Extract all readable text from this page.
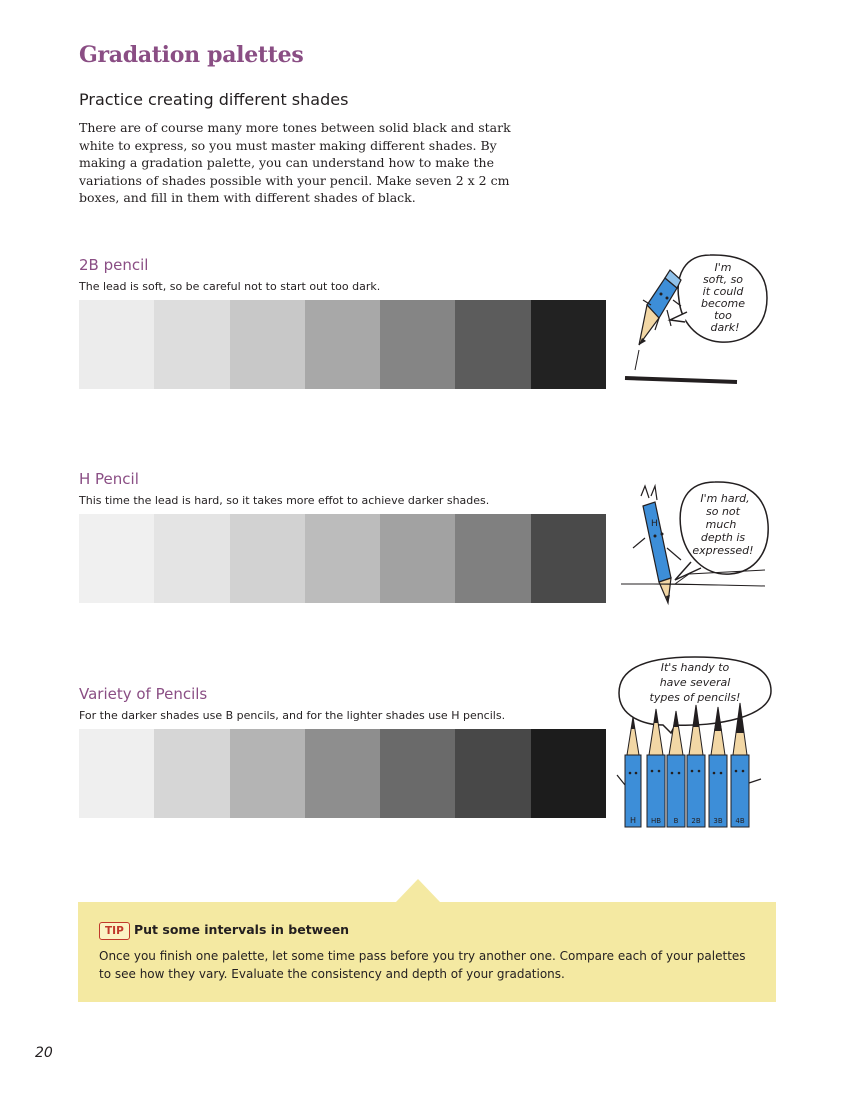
Gradation palettes
Practice creating different shades
There are of course many more tones between solid black and stark white to express, so you must master making different shades. By making a gradation palette, you can understand how to make the variations of shades possible with your pencil. Make seven 2 x 2 cm boxes, and fill in them with different shades of black.
2B pencil
The lead is soft, so be careful not to start out too dark.
H Pencil
This time the lead is hard, so it takes more effot to achieve darker shades.
Variety of Pencils
For the darker shades use B pencils, and for the lighter shades use H pencils.
I'm
soft, so
it could
become
too
dark!
I'm hard,
so not
much
depth is
expressed!
H
It's handy to
have several
types of pencils!
H HB B 2B 3B 4B
TIP Put some intervals in between
Once you finish one palette, let some time pass before you try another one. Compare each of your palettes to see how they vary. Evaluate the consistency and depth of your gradations.
20
